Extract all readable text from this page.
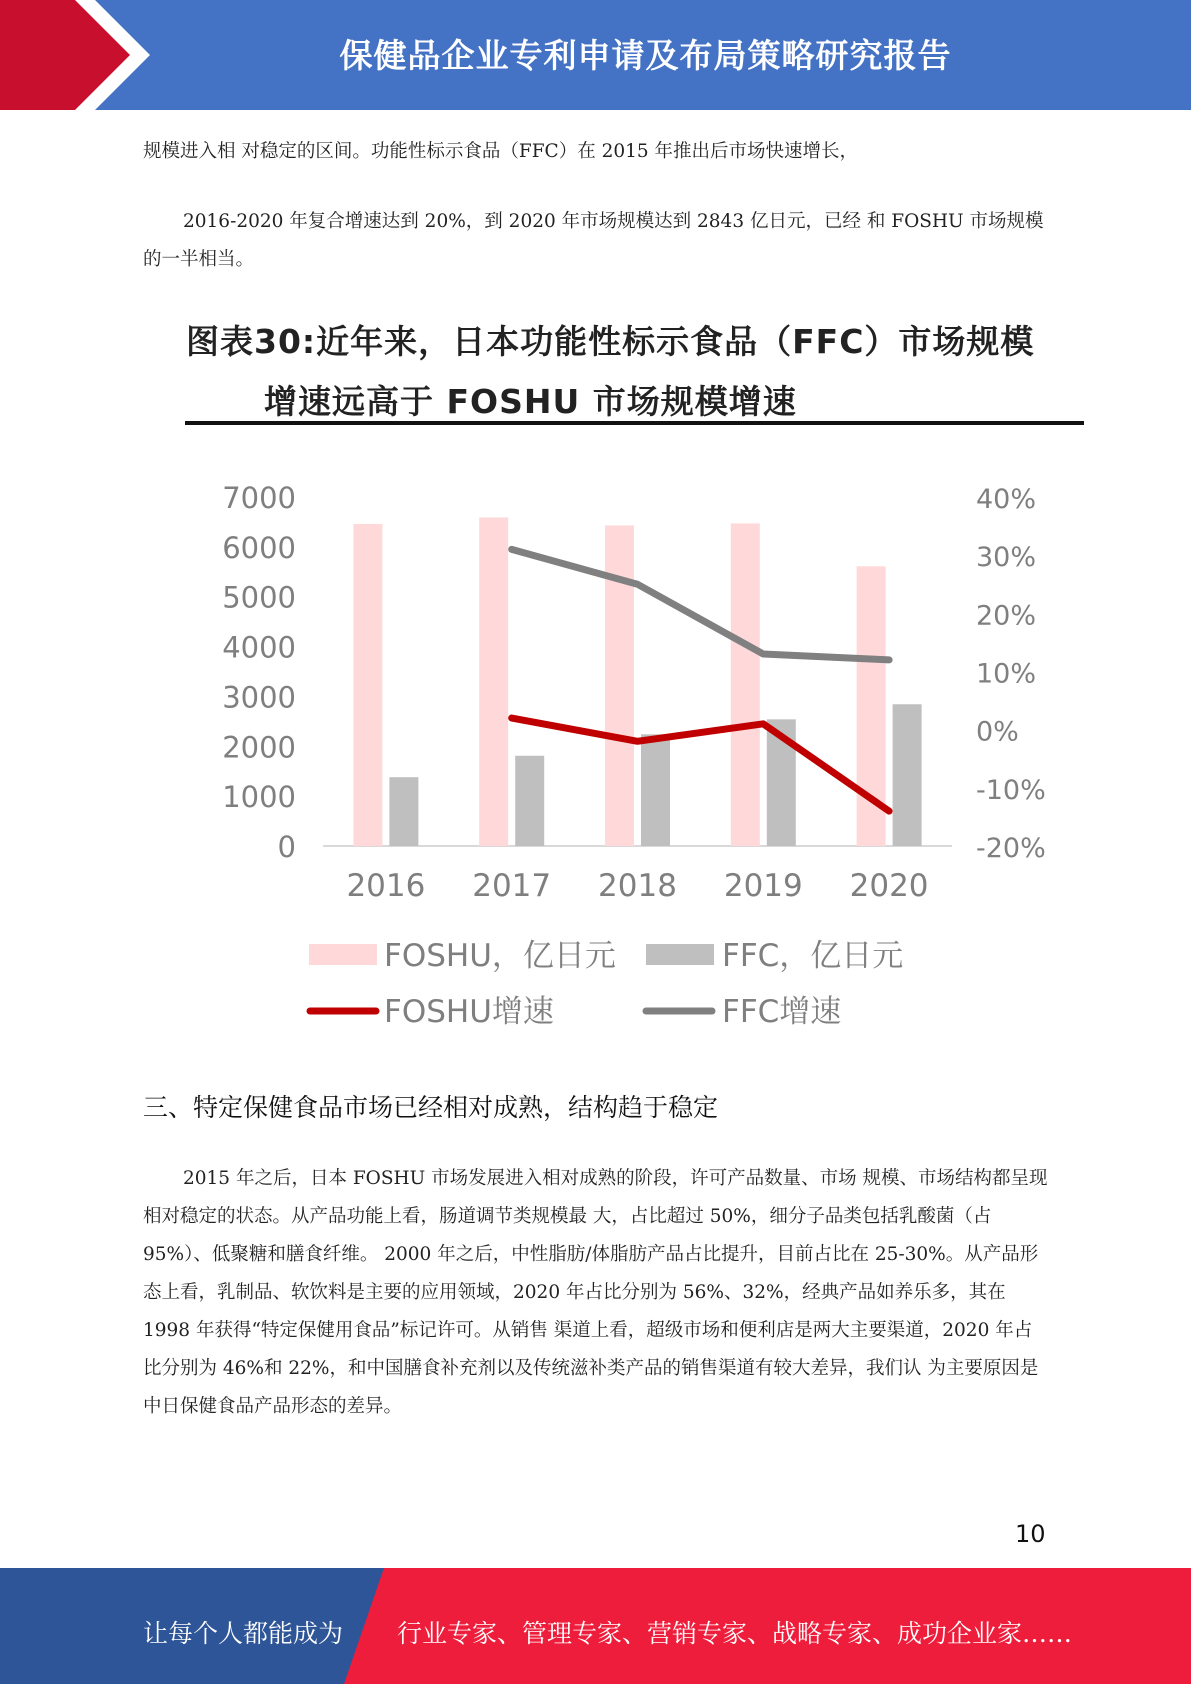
保健品企业专利申请及布局策略研究报告
规模进入相 对稳定的区间。功能性标示食品（FFC）在 2015 年推出后市场快速增长，
2016-2020 年复合增速达到 20%，到 2020 年市场规模达到 2843 亿日元，已经 和 FOSHU 市场规模的一半相当。
图表30:近年来，日本功能性标示食品（FFC）市场规模
增速远高于 FOSHU 市场规模增速
7000
6000
5000
4000
3000
2000
1000
0
40%
30%
20%
10%
0%
-10%
-20%
2016 2017 2018 2019 2020
FOSHU，亿日元	FFC，亿日元
FOSHU增速	FFC增速
三、特定保健食品市场已经相对成熟，结构趋于稳定
2015 年之后，日本 FOSHU 市场发展进入相对成熟的阶段，许可产品数量、市场 规模、市场结构都呈现相对稳定的状态。从产品功能上看，肠道调节类规模最 大，占比超过 50%，细分子品类包括乳酸菌（占 95%）、低聚糖和膳食纤维。 2000 年之后，中性脂肪/体脂肪产品占比提升，目前占比在 25-30%。从产品形 态上看，乳制品、软饮料是主要的应用领域，2020 年占比分别为 56%、32%，经典产品如养乐多，其在 1998 年获得“特定保健用食品”标记许可。从销售 渠道上看，超级市场和便利店是两大主要渠道，2020 年占比分别为 46%和 22%，和中国膳食补充剂以及传统滋补类产品的销售渠道有较大差异，我们认 为主要原因是中日保健食品产品形态的差异。
10
让每个人都能成为 行业专家、管理专家、营销专家、战略专家、成功企业家……
